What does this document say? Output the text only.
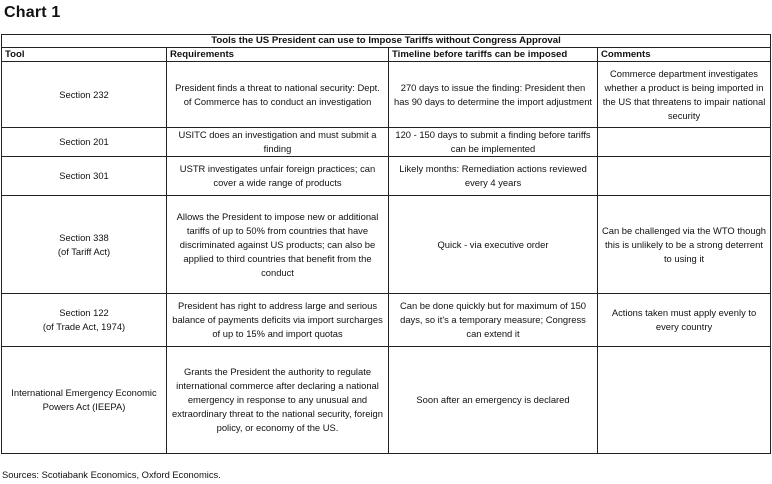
Chart 1
Tools the US President can use to Impose Tariffs without Congress Approval			
Tool	Requirements	Timeline before tariffs can be imposed	Comments
Section 232	President finds a threat to national security: Dept. of Commerce has to conduct an investigation	270 days to issue the finding: President then has 90 days to determine the import adjustment	Commerce department investigates whether a product is being imported in the US that threatens to impair national security
Section 201	USITC does an investigation and must submit a finding	120 - 150 days to submit a finding before tariffs can be implemented	
Section 301	USTR investigates unfair foreign practices; can cover a wide range of products	Likely months: Remediation actions reviewed every 4 years	
Section 338
(of Tariff Act)	Allows the President to impose new or additional tariffs of up to 50% from countries that have discriminated against US products; can also be applied to third countries that benefit from the conduct	Quick - via executive order	Can be challenged via the WTO though this is unlikely to be a strong deterrent to using it
Section 122
(of Trade Act, 1974)	President has right to address large and serious balance of payments deficits via import surcharges of up to 15% and import quotas	Can be done quickly but for maximum of 150 days, so it's a temporary measure; Congress can extend it	Actions taken must apply evenly to every country
International Emergency Economic Powers Act (IEEPA)	Grants the President the authority to regulate international commerce after declaring a national emergency in response to any unusual and extraordinary threat to the national security, foreign policy, or economy of the US.	Soon after an emergency is declared	
Sources: Scotiabank Economics, Oxford Economics.
